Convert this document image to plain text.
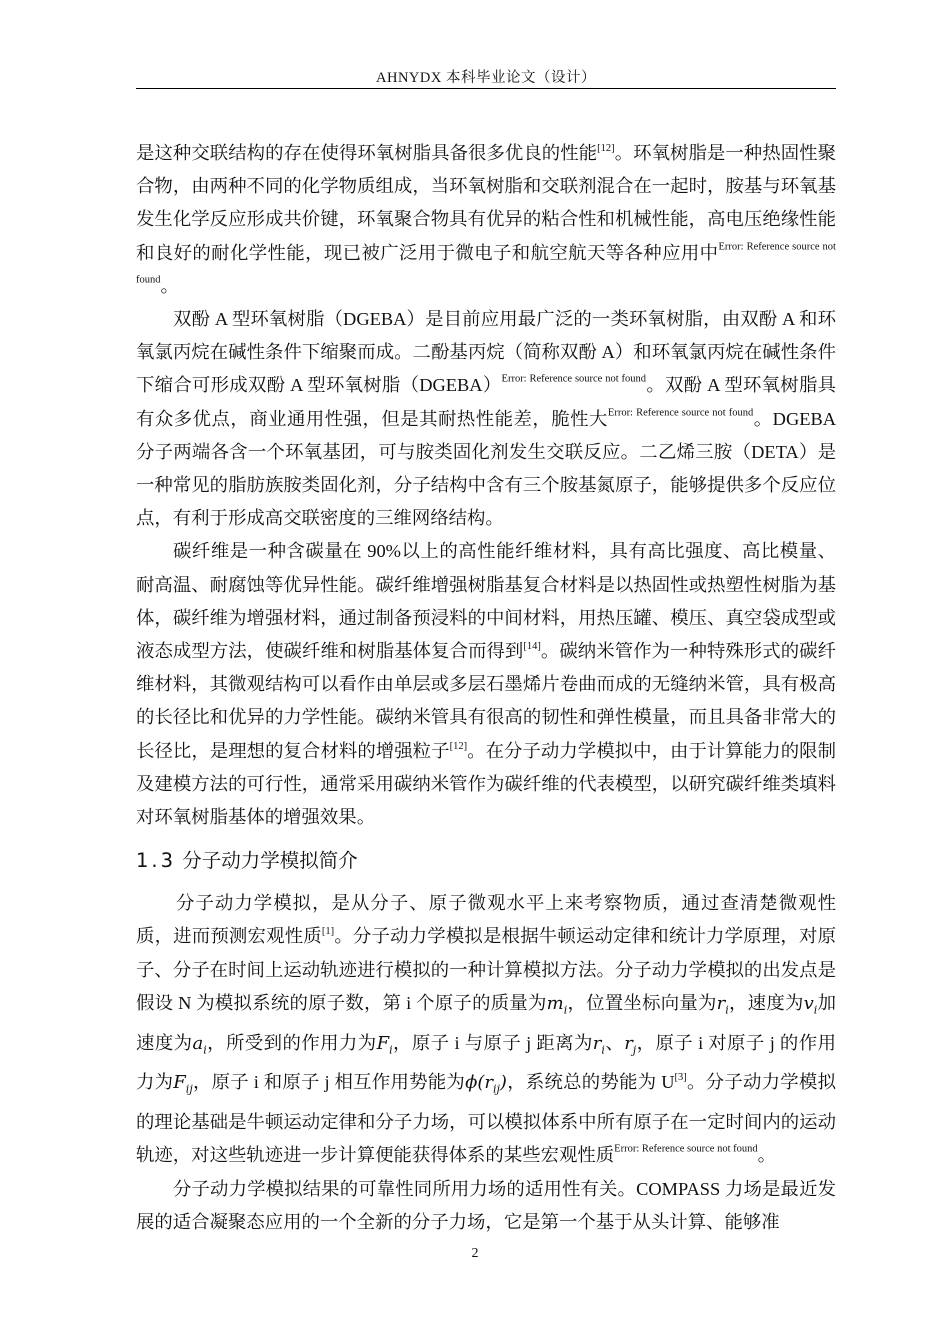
AHNYDX 本科毕业论文（设计）

是这种交联结构的存在使得环氧树脂具备很多优良的性能[12]。环氧树脂是一种热固性聚合物，由两种不同的化学物质组成，当环氧树脂和交联剂混合在一起时，胺基与环氧基发生化学反应形成共价键，环氧聚合物具有优异的粘合性和机械性能，高电压绝缘性能和良好的耐化学性能，现已被广泛用于微电子和航空航天等各种应用中$^{Error: Reference source not found}$。

双酚 A 型环氧树脂（DGEBA）是目前应用最广泛的一类环氧树脂，由双酚 A 和环氧氯丙烷在碱性条件下缩聚而成。二酚基丙烷（简称双酚 A）和环氧氯丙烷在碱性条件下缩合可形成双酚 A 型环氧树脂（DGEBA）$^{Error: Reference source not found}$。双酚 A 型环氧树脂具有众多优点，商业通用性强，但是其耐热性能差，脆性大$^{Error: Reference source not found}$。DGEBA 分子两端各含一个环氧基团，可与胺类固化剂发生交联反应。二乙烯三胺（DETA）是一种常见的脂肪族胺类固化剂，分子结构中含有三个胺基氮原子，能够提供多个反应位点，有利于形成高交联密度的三维网络结构。

碳纤维是一种含碳量在 90%以上的高性能纤维材料，具有高比强度、高比模量、耐高温、耐腐蚀等优异性能。碳纤维增强树脂基复合材料是以热固性或热塑性树脂为基体，碳纤维为增强材料，通过制备预浸料的中间材料，用热压罐、模压、真空袋成型或液态成型方法，使碳纤维和树脂基体复合而得到[14]。碳纳米管作为一种特殊形式的碳纤维材料，其微观结构可以看作由单层或多层石墨烯片卷曲而成的无缝纳米管，具有极高的长径比和优异的力学性能。碳纳米管具有很高的韧性和弹性模量，而且具备非常大的长径比，是理想的复合材料的增强粒子[12]。在分子动力学模拟中，由于计算能力的限制及建模方法的可行性，通常采用碳纳米管作为碳纤维的代表模型，以研究碳纤维类填料对环氧树脂基体的增强效果。

1.3 分子动力学模拟简介

分子动力学模拟，是从分子、原子微观水平上来考察物质，通过查清楚微观性质，进而预测宏观性质[1]。分子动力学模拟是根据牛顿运动定律和统计力学原理，对原子、分子在时间上运动轨迹进行模拟的一种计算模拟方法。分子动力学模拟的出发点是假设 N 为模拟系统的原子数，第 i 个原子的质量为$m_i$，位置坐标向量为$r_i$，速度为$v_i$加速度为$a_i$，所受到的作用力为$F_i$，原子 i 与原子 j 距离为$r_i$、$r_j$，原子 i 对原子 j 的作用力为$F_{ij}$，原子 i 和原子 j 相互作用势能为$\phi(r_{ij})$，系统总的势能为 U[3]。分子动力学模拟的理论基础是牛顿运动定律和分子力场，可以模拟体系中所有原子在一定时间内的运动轨迹，对这些轨迹进一步计算便能获得体系的某些宏观性质$^{Error: Reference source not found}$。

分子动力学模拟结果的可靠性同所用力场的适用性有关。COMPASS 力场是最近发展的适合凝聚态应用的一个全新的分子力场，它是第一个基于从头计算、能够准

2
